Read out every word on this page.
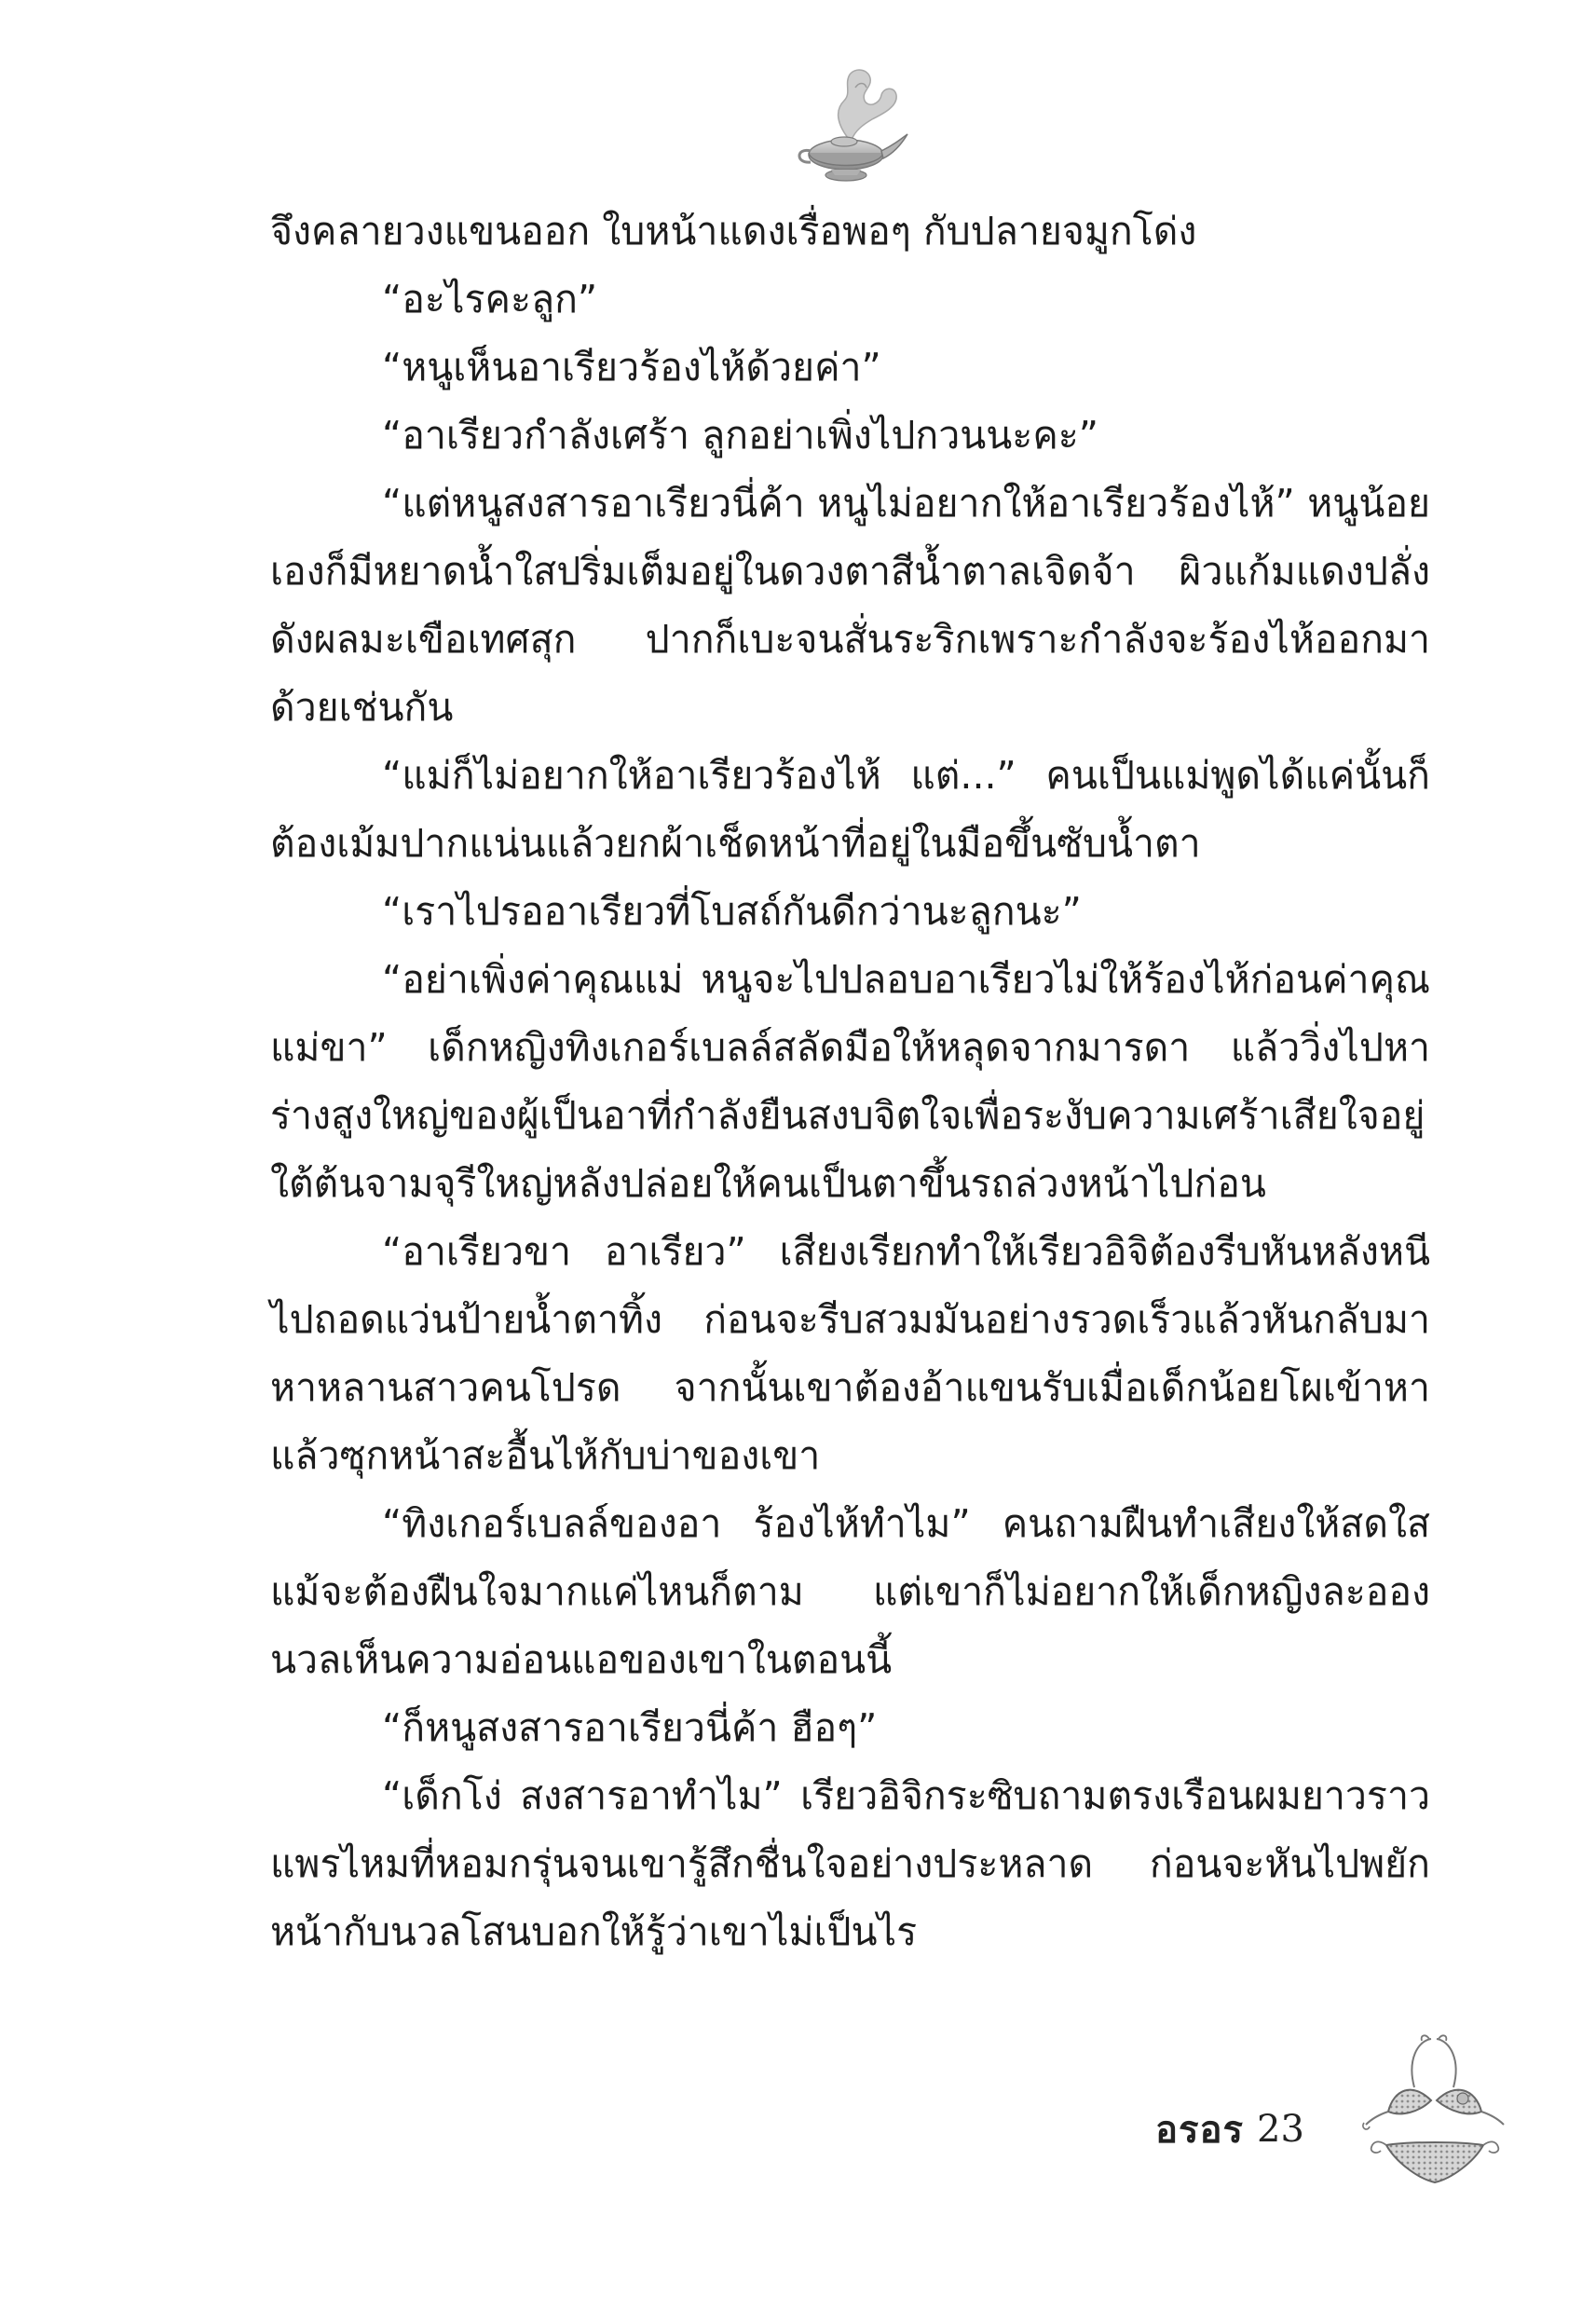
จึงคลายวงแขนออก ใบหน้าแดงเรื่อพอๆ กับปลายจมูกโด่ง

“อะไรคะลูก”

“หนูเห็นอาเรียวร้องไห้ด้วยค่า”

“อาเรียวกำลังเศร้า ลูกอย่าเพิ่งไปกวนนะคะ”

“แต่หนูสงสารอาเรียวนี่ค้า หนูไม่อยากให้อาเรียวร้องไห้” หนูน้อยเองก็มีหยาดน้ำใสปริ่มเต็มอยู่ในดวงตาสีน้ำตาลเจิดจ้า ผิวแก้มแดงปลั่งดังผลมะเขือเทศสุก ปากก็เบะจนสั่นระริกเพราะกำลังจะร้องไห้ออกมาด้วยเช่นกัน

“แม่ก็ไม่อยากให้อาเรียวร้องไห้ แต่...” คนเป็นแม่พูดได้แค่นั้นก็ต้องเม้มปากแน่นแล้วยกผ้าเช็ดหน้าที่อยู่ในมือขึ้นซับน้ำตา

“เราไปรออาเรียวที่โบสถ์กันดีกว่านะลูกนะ”

“อย่าเพิ่งค่าคุณแม่ หนูจะไปปลอบอาเรียวไม่ให้ร้องไห้ก่อนค่าคุณแม่ขา” เด็กหญิงทิงเกอร์เบลล์สลัดมือให้หลุดจากมารดา แล้ววิ่งไปหาร่างสูงใหญ่ของผู้เป็นอาที่กำลังยืนสงบจิตใจเพื่อระงับความเศร้าเสียใจอยู่ใต้ต้นจามจุรีใหญ่หลังปล่อยให้คนเป็นตาขึ้นรถล่วงหน้าไปก่อน

“อาเรียวขา อาเรียว” เสียงเรียกทำให้เรียวอิจิต้องรีบหันหลังหนีไปถอดแว่นป้ายน้ำตาทิ้ง ก่อนจะรีบสวมมันอย่างรวดเร็วแล้วหันกลับมาหาหลานสาวคนโปรด จากนั้นเขาต้องอ้าแขนรับเมื่อเด็กน้อยโผเข้าหาแล้วซุกหน้าสะอื้นไห้กับบ่าของเขา

“ทิงเกอร์เบลล์ของอา ร้องไห้ทำไม” คนถามฝืนทำเสียงให้สดใสแม้จะต้องฝืนใจมากแค่ไหนก็ตาม แต่เขาก็ไม่อยากให้เด็กหญิงละอองนวลเห็นความอ่อนแอของเขาในตอนนี้

“ก็หนูสงสารอาเรียวนี่ค้า ฮือๆ”

“เด็กโง่ สงสารอาทำไม” เรียวอิจิกระซิบถามตรงเรือนผมยาวราวแพรไหมที่หอมกรุ่นจนเขารู้สึกชื่นใจอย่างประหลาด ก่อนจะหันไปพยักหน้ากับนวลโสนบอกให้รู้ว่าเขาไม่เป็นไร

อรอร 23
